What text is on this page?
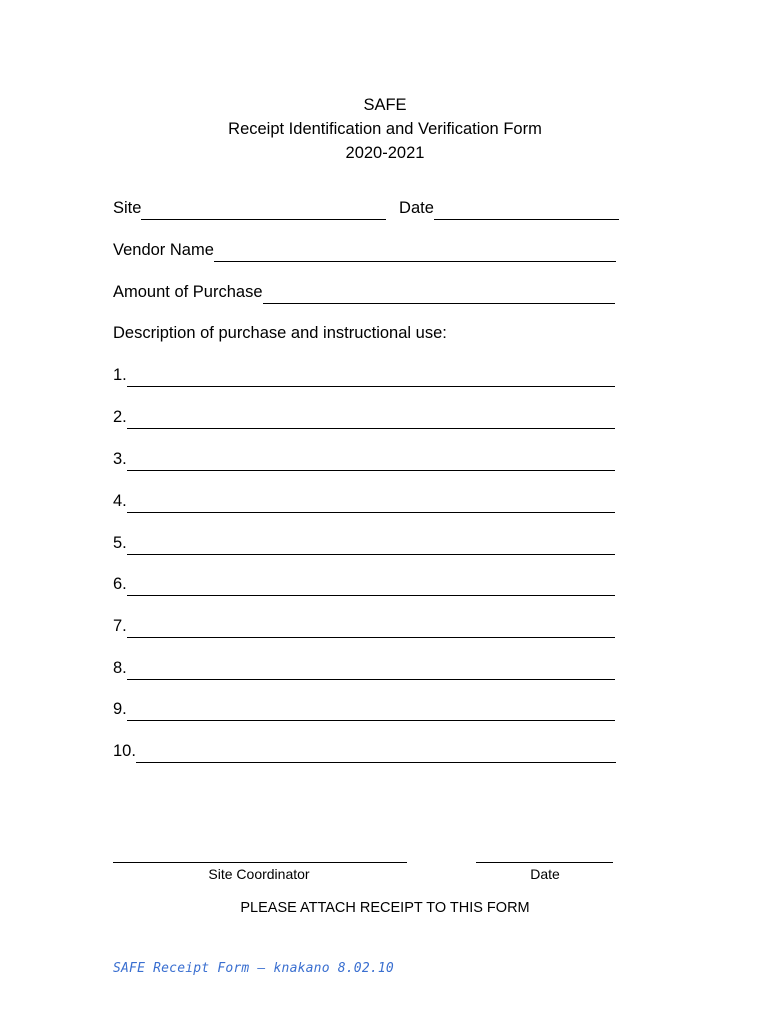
SAFE
Receipt Identification and Verification Form
2020-2021
Site	Date
Vendor Name
Amount of Purchase
Description of purchase and instructional use:
1.
2.
3.
4.
5.
6.
7.
8.
9.
10.
Site Coordinator	Date
PLEASE ATTACH RECEIPT TO THIS FORM
SAFE Receipt Form – knakano 8.02.10
